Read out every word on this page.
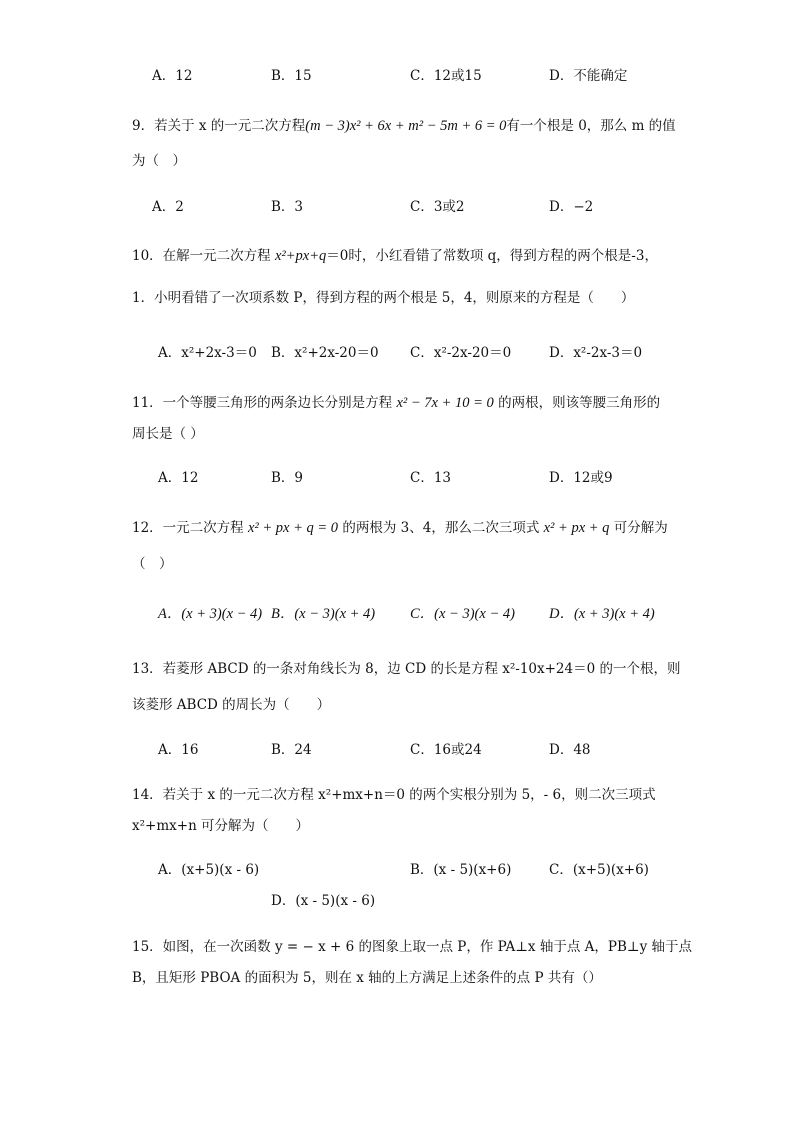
A．12	B．15	C．12或15	D．不能确定
9．若关于 x 的一元二次方程(m − 3)x² + 6x + m² − 5m + 6 = 0有一个根是 0，那么 m 的值
为（　）
A．2	B．3	C．3或2	D．−2
10．在解一元二次方程 x²+px+q＝0时，小红看错了常数项 q，得到方程的两个根是-3，
1．小明看错了一次项系数 P，得到方程的两个根是 5，4，则原来的方程是（　　）
A．x²+2x-3＝0 B．x²+2x-20＝0 C．x²-2x-20＝0	D．x²-2x-3＝0
11．一个等腰三角形的两条边长分别是方程 x² − 7x + 10 = 0 的两根，则该等腰三角形的
周长是（ ）
A．12	B．9	C．13	D．12或9
12．一元二次方程 x² + px + q = 0 的两根为 3、4，那么二次三项式 x² + px + q 可分解为
（　）
A．(x + 3)(x − 4) B．(x − 3)(x + 4) C．(x − 3)(x − 4) D．(x + 3)(x + 4)
13．若菱形 ABCD 的一条对角线长为 8，边 CD 的长是方程 x²-10x+24＝0 的一个根，则
该菱形 ABCD 的周长为（　　）
A．16	B．24	C．16或24	D．48
14．若关于 x 的一元二次方程 x²+mx+n＝0 的两个实根分别为 5，- 6，则二次三项式
x²+mx+n 可分解为（　　）
A．(x+5)(x - 6)	B．(x - 5)(x+6)	C．(x+5)(x+6)
D．(x - 5)(x - 6)
15．如图，在一次函数 y = − x + 6 的图象上取一点 P，作 PA⊥x 轴于点 A，PB⊥y 轴于点
B，且矩形 PBOA 的面积为 5，则在 x 轴的上方满足上述条件的点 P 共有（）
